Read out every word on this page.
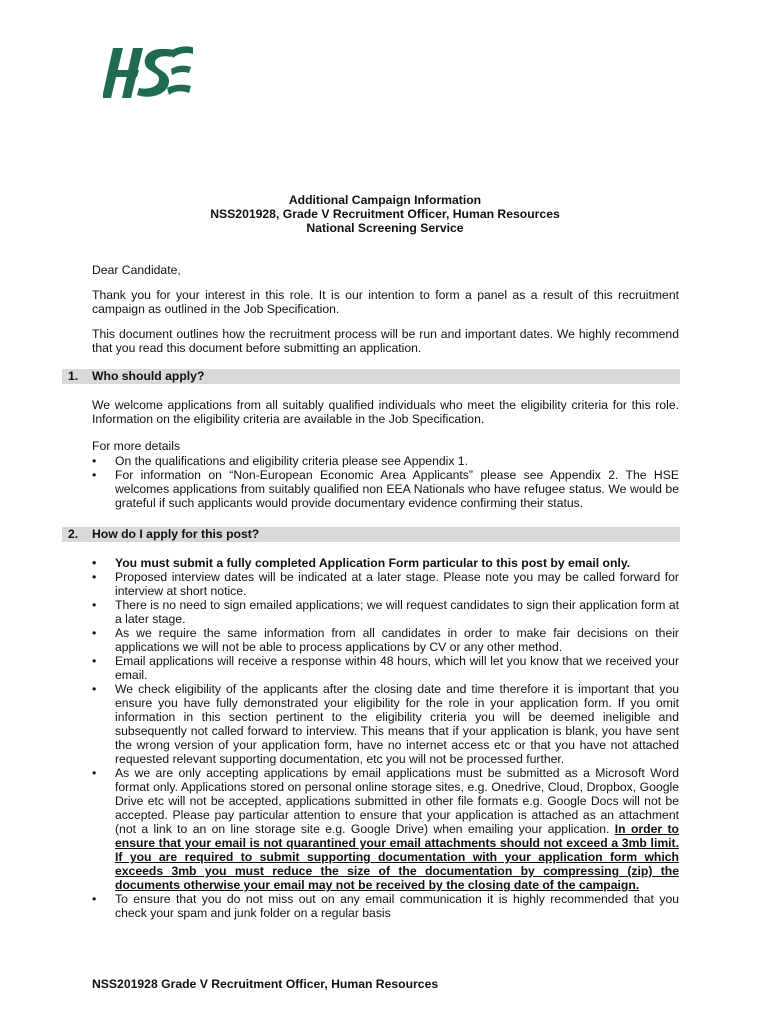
Additional Campaign Information
NSS201928, Grade V Recruitment Officer, Human Resources
National Screening Service
Dear Candidate,
Thank you for your interest in this role. It is our intention to form a panel as a result of this recruitment campaign as outlined in the Job Specification.
This document outlines how the recruitment process will be run and important dates. We highly recommend that you read this document before submitting an application.
1. Who should apply?
We welcome applications from all suitably qualified individuals who meet the eligibility criteria for this role. Information on the eligibility criteria are available in the Job Specification.
For more details
• On the qualifications and eligibility criteria please see Appendix 1.
• For information on “Non-European Economic Area Applicants” please see Appendix 2. The HSE welcomes applications from suitably qualified non EEA Nationals who have refugee status. We would be grateful if such applicants would provide documentary evidence confirming their status.
2. How do I apply for this post?
• You must submit a fully completed Application Form particular to this post by email only.
• Proposed interview dates will be indicated at a later stage. Please note you may be called forward for interview at short notice.
• There is no need to sign emailed applications; we will request candidates to sign their application form at a later stage.
• As we require the same information from all candidates in order to make fair decisions on their applications we will not be able to process applications by CV or any other method.
• Email applications will receive a response within 48 hours, which will let you know that we received your email.
• We check eligibility of the applicants after the closing date and time therefore it is important that you ensure you have fully demonstrated your eligibility for the role in your application form. If you omit information in this section pertinent to the eligibility criteria you will be deemed ineligible and subsequently not called forward to interview. This means that if your application is blank, you have sent the wrong version of your application form, have no internet access etc or that you have not attached requested relevant supporting documentation, etc you will not be processed further.
• As we are only accepting applications by email applications must be submitted as a Microsoft Word format only. Applications stored on personal online storage sites, e.g. Onedrive, Cloud, Dropbox, Google Drive etc will not be accepted, applications submitted in other file formats e.g. Google Docs will not be accepted. Please pay particular attention to ensure that your application is attached as an attachment (not a link to an on line storage site e.g. Google Drive) when emailing your application. In order to ensure that your email is not quarantined your email attachments should not exceed a 3mb limit. If you are required to submit supporting documentation with your application form which exceeds 3mb you must reduce the size of the documentation by compressing (zip) the documents otherwise your email may not be received by the closing date of the campaign.
• To ensure that you do not miss out on any email communication it is highly recommended that you check your spam and junk folder on a regular basis
NSS201928 Grade V Recruitment Officer, Human Resources
